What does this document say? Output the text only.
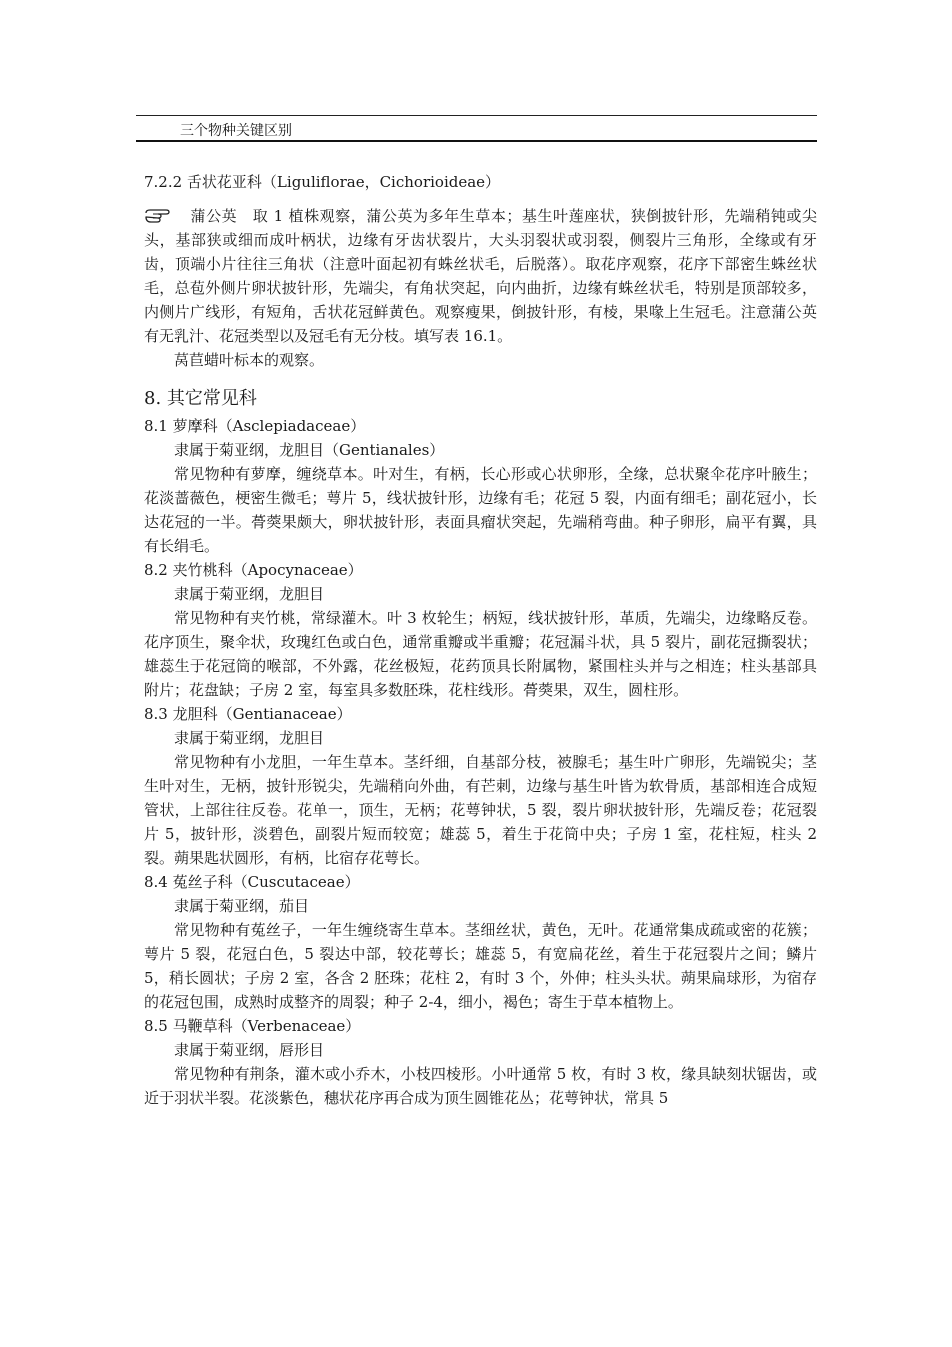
三个物种关键区别
7.2.2 舌状花亚科（Liguliflorae，Cichorioideae）

蒲公英　取 1 植株观察，蒲公英为多年生草本；基生叶莲座状，狭倒披针形，先端稍钝或尖头，基部狭或细而成叶柄状，边缘有牙齿状裂片，大头羽裂状或羽裂，侧裂片三角形，全缘或有牙齿，顶端小片往往三角状（注意叶面起初有蛛丝状毛，后脱落）。取花序观察，花序下部密生蛛丝状毛，总苞外侧片卵状披针形，先端尖，有角状突起，向内曲折，边缘有蛛丝状毛，特别是顶部较多，内侧片广线形，有短角，舌状花冠鲜黄色。观察瘦果，倒披针形，有棱，果喙上生冠毛。注意蒲公英有无乳汁、花冠类型以及冠毛有无分枝。填写表 16.1。

莴苣蜡叶标本的观察。

8. 其它常见科
8.1 萝摩科（Asclepiadaceae）

隶属于菊亚纲，龙胆目（Gentianales）

常见物种有萝摩，缠绕草本。叶对生，有柄，长心形或心状卵形，全缘，总状聚伞花序叶腋生；花淡蔷薇色，梗密生微毛；萼片 5，线状披针形，边缘有毛；花冠 5 裂，内面有细毛；副花冠小，长达花冠的一半。蓇葖果颇大，卵状披针形，表面具瘤状突起，先端稍弯曲。种子卵形，扁平有翼，具有长绢毛。

8.2 夹竹桃科（Apocynaceae）

隶属于菊亚纲，龙胆目

常见物种有夹竹桃，常绿灌木。叶 3 枚轮生；柄短，线状披针形，革质，先端尖，边缘略反卷。花序顶生，聚伞状，玫瑰红色或白色，通常重瓣或半重瓣；花冠漏斗状，具 5 裂片，副花冠撕裂状；雄蕊生于花冠筒的喉部，不外露，花丝极短，花药顶具长附属物，紧围柱头并与之相连；柱头基部具附片；花盘缺；子房 2 室，每室具多数胚珠，花柱线形。蓇葖果，双生，圆柱形。

8.3 龙胆科（Gentianaceae）

隶属于菊亚纲，龙胆目

常见物种有小龙胆，一年生草本。茎纤细，自基部分枝，被腺毛；基生叶广卵形，先端锐尖；茎生叶对生，无柄，披针形锐尖，先端稍向外曲，有芒刺，边缘与基生叶皆为软骨质，基部相连合成短管状，上部往往反卷。花单一，顶生，无柄；花萼钟状，5 裂，裂片卵状披针形，先端反卷；花冠裂片 5，披针形，淡碧色，副裂片短而较宽；雄蕊 5，着生于花筒中央；子房 1 室，花柱短，柱头 2 裂。蒴果匙状圆形，有柄，比宿存花萼长。

8.4 菟丝子科（Cuscutaceae）

隶属于菊亚纲，茄目

常见物种有菟丝子，一年生缠绕寄生草本。茎细丝状，黄色，无叶。花通常集成疏或密的花簇；萼片 5 裂，花冠白色，5 裂达中部，较花萼长；雄蕊 5，有宽扁花丝，着生于花冠裂片之间；鳞片 5，稍长圆状；子房 2 室，各含 2 胚珠；花柱 2，有时 3 个，外伸；柱头头状。蒴果扁球形，为宿存的花冠包围，成熟时成整齐的周裂；种子 2-4，细小，褐色；寄生于草本植物上。

8.5 马鞭草科（Verbenaceae）

隶属于菊亚纲，唇形目

常见物种有荆条，灌木或小乔木，小枝四棱形。小叶通常 5 枚，有时 3 枚，缘具缺刻状锯齿，或近于羽状半裂。花淡紫色，穗状花序再合成为顶生圆锥花丛；花萼钟状，常具 5
